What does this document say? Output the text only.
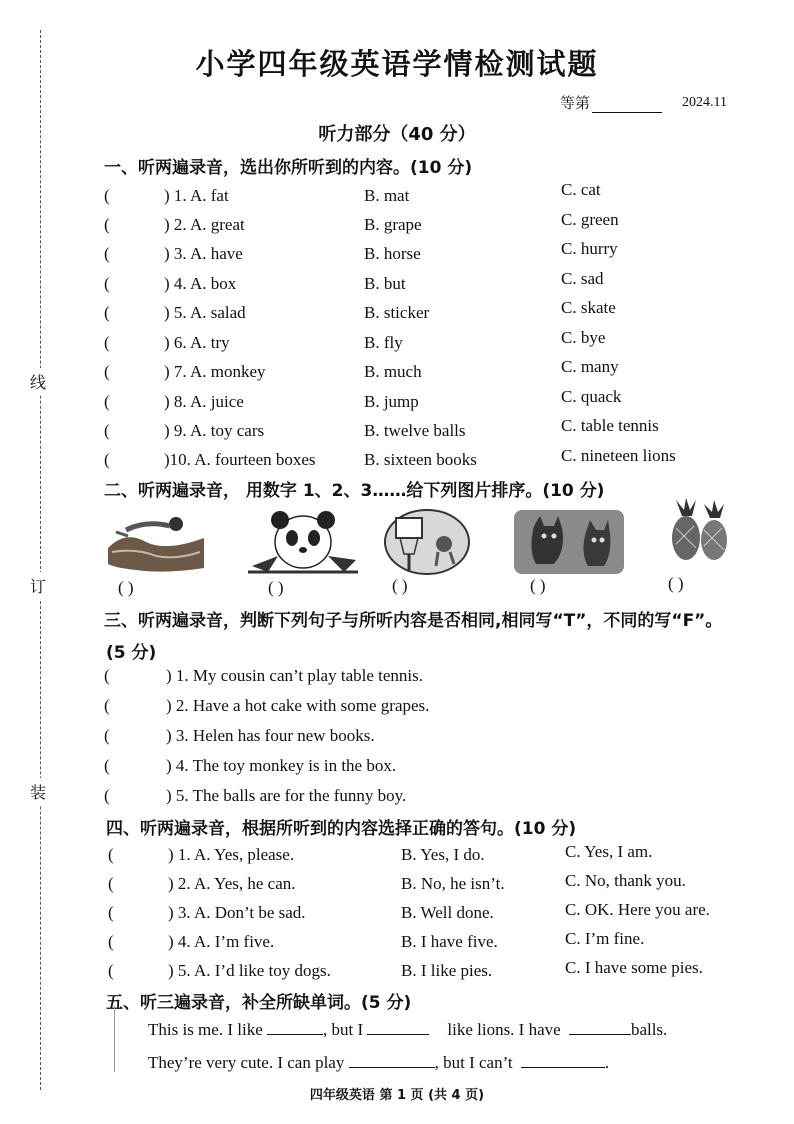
线
订
装
小学四年级英语学情检测试题
等第	2024.11
听力部分（40 分）
一、听两遍录音，选出你所听到的内容。(10 分)
(	) 1. A. fat	B. mat	C. cat
(	) 2. A. great	B. grape	C. green
(	) 3. A. have	B. horse	C. hurry
(	) 4. A. box	B. but	C. sad
(	) 5. A. salad	B. sticker	C. skate
(	) 6. A. try	B. fly	C. bye
(	) 7. A. monkey	B. much	C. many
(	) 8. A. juice	B. jump	C. quack
(	) 9. A. toy cars	B. twelve balls	C. table tennis
(	)10. A. fourteen boxes	B. sixteen books	C. nineteen lions
二、听两遍录音， 用数字 1、2、3……给下列图片排序。(10 分)
( )	( )	( )	( )	( )
三、听两遍录音，判断下列句子与所听内容是否相同,相同写“T”，不同的写“F”。
(5 分)
(	) 1. My cousin can’t play table tennis.
(	) 2. Have a hot cake with some grapes.
(	) 3. Helen has four new books.
(	) 4. The toy monkey is in the box.
(	) 5. The balls are for the funny boy.
四、听两遍录音，根据所听到的内容选择正确的答句。(10 分)
(	) 1. A. Yes, please.	B. Yes, I do.	C. Yes, I am.
(	) 2. A. Yes, he can.	B. No, he isn’t.	C. No, thank you.
(	) 3. A. Don’t be sad.	B. Well done.	C. OK. Here you are.
(	) 4. A. I’m five.	B. I have five.	C. I’m fine.
(	) 5. A. I’d like toy dogs.	B. I like pies.	C. I have some pies.
五、听三遍录音，补全所缺单词。(5 分)
This is me. I like	, but I	like lions. I have	balls.
They’re very cute. I can play	, but I can’t	.
四年级英语 第 1 页 (共 4 页)
